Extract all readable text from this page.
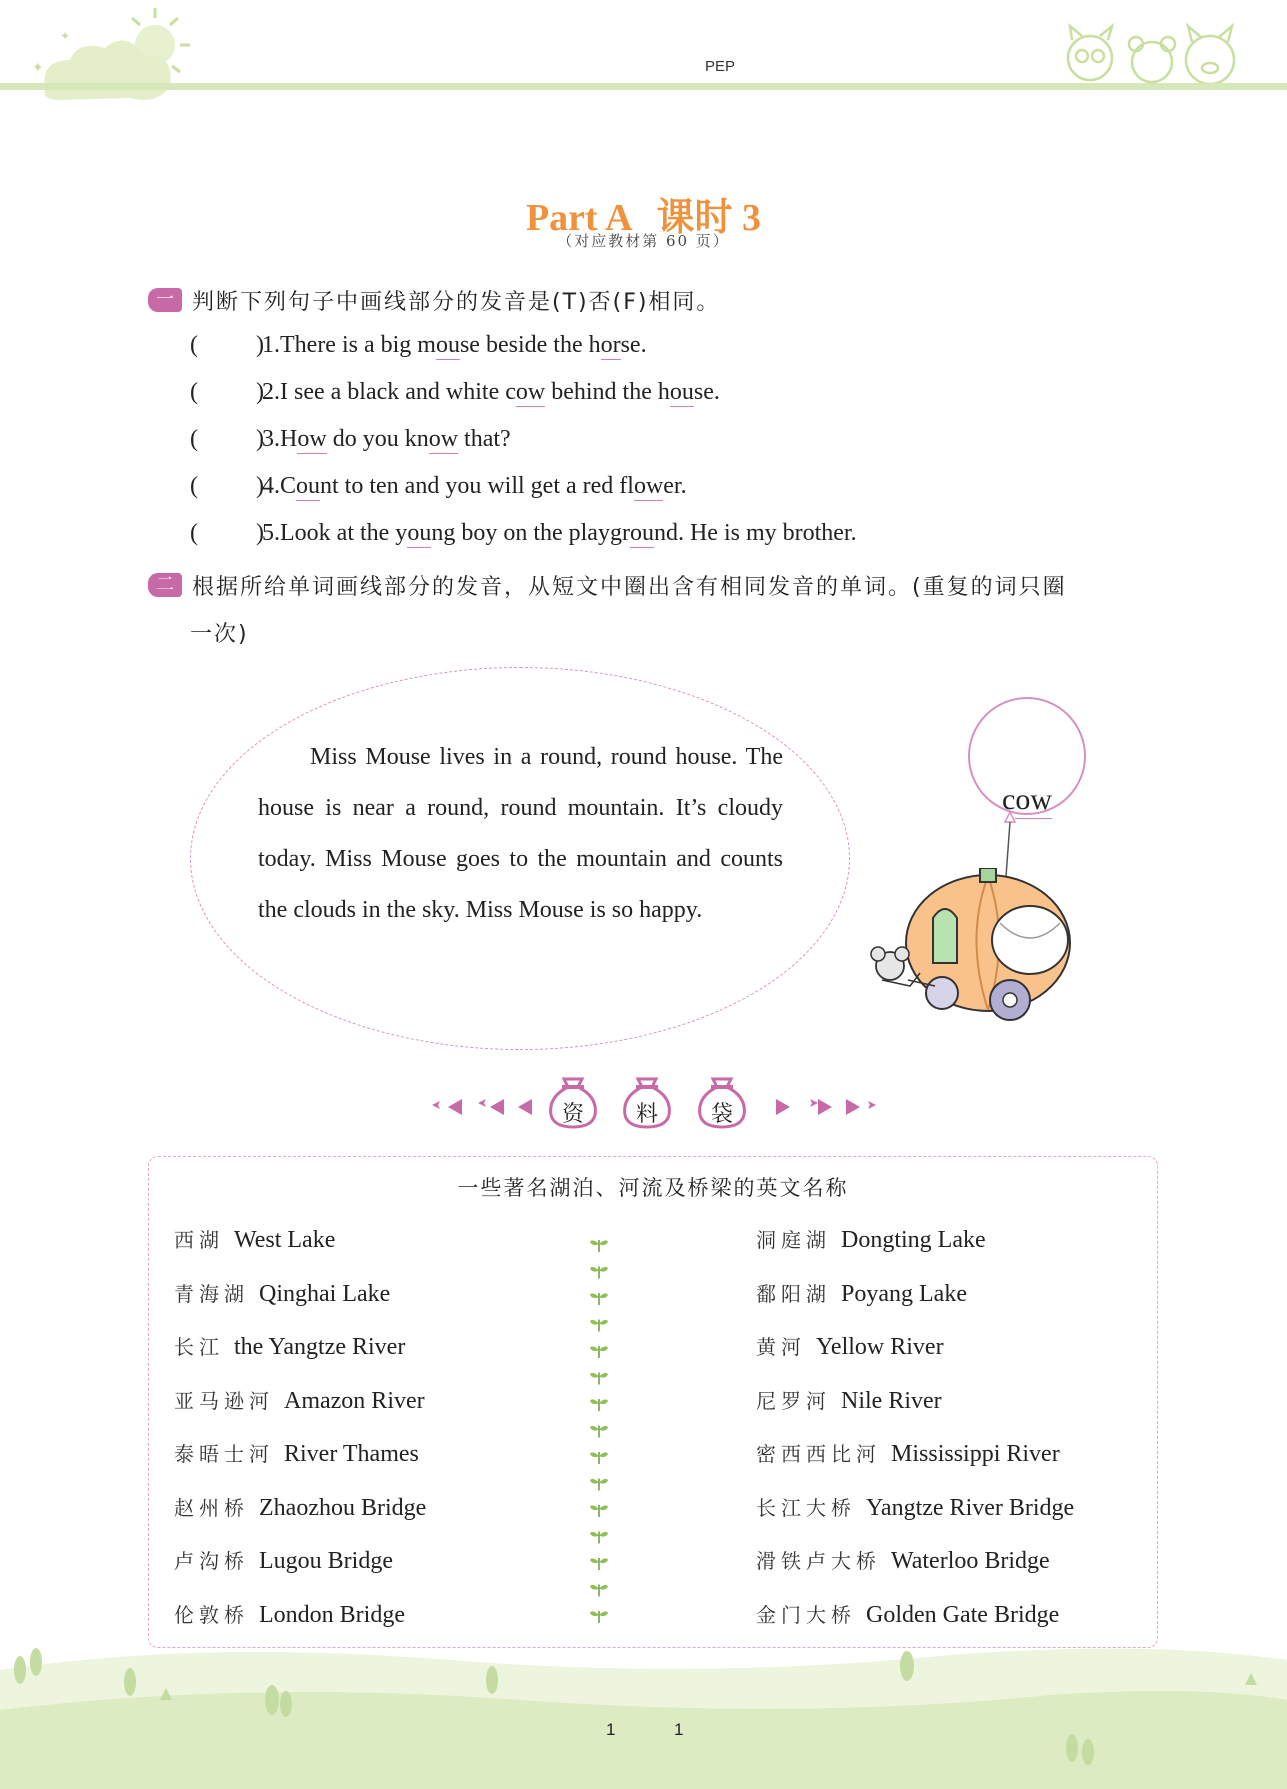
✦
✦
PEP
Part A 课时 3
（对应教材第 60 页）
一 判断下列句子中画线部分的发音是(T)否(F)相同。
( )
1.There is a big mouse beside the horse.
( )
2.I see a black and white cow behind the house.
( )
3.How do you know that?
( )
4.Count to ten and you will get a red flower.
( )
5.Look at the young boy on the playground. He is my brother.
二 根据所给单词画线部分的发音，从短文中圈出含有相同发音的单词。(重复的词只圈
一次)
Miss Mouse lives in a round, round house. The house is near a round, round mountain. It’s cloudy today. Miss Mouse goes to the mountain and counts the clouds in the sky. Miss Mouse is so happy.
cow
资	料	袋
一些著名湖泊、河流及桥梁的英文名称
西湖 West Lake
青海湖 Qinghai Lake
长江 the Yangtze River
亚马逊河 Amazon River
泰晤士河 River Thames
赵州桥 Zhaozhou Bridge
卢沟桥 Lugou Bridge
伦敦桥 London Bridge
洞庭湖 Dongting Lake
鄱阳湖 Poyang Lake
黄河 Yellow River
尼罗河 Nile River
密西西比河 Mississippi River
长江大桥 Yangtze River Bridge
滑铁卢大桥 Waterloo Bridge
金门大桥 Golden Gate Bridge
1	1
